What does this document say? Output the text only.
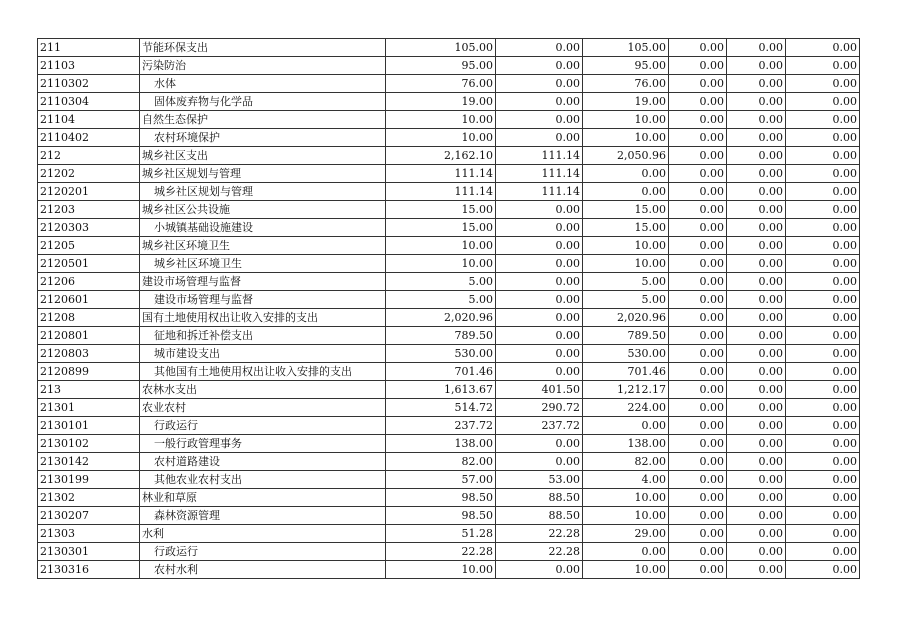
211	节能环保支出	105.00	0.00	105.00	0.00	0.00	0.00
21103	污染防治	95.00	0.00	95.00	0.00	0.00	0.00
2110302	水体	76.00	0.00	76.00	0.00	0.00	0.00
2110304	固体废弃物与化学品	19.00	0.00	19.00	0.00	0.00	0.00
21104	自然生态保护	10.00	0.00	10.00	0.00	0.00	0.00
2110402	农村环境保护	10.00	0.00	10.00	0.00	0.00	0.00
212	城乡社区支出	2,162.10	111.14	2,050.96	0.00	0.00	0.00
21202	城乡社区规划与管理	111.14	111.14	0.00	0.00	0.00	0.00
2120201	城乡社区规划与管理	111.14	111.14	0.00	0.00	0.00	0.00
21203	城乡社区公共设施	15.00	0.00	15.00	0.00	0.00	0.00
2120303	小城镇基础设施建设	15.00	0.00	15.00	0.00	0.00	0.00
21205	城乡社区环境卫生	10.00	0.00	10.00	0.00	0.00	0.00
2120501	城乡社区环境卫生	10.00	0.00	10.00	0.00	0.00	0.00
21206	建设市场管理与监督	5.00	0.00	5.00	0.00	0.00	0.00
2120601	建设市场管理与监督	5.00	0.00	5.00	0.00	0.00	0.00
21208	国有土地使用权出让收入安排的支出	2,020.96	0.00	2,020.96	0.00	0.00	0.00
2120801	征地和拆迁补偿支出	789.50	0.00	789.50	0.00	0.00	0.00
2120803	城市建设支出	530.00	0.00	530.00	0.00	0.00	0.00
2120899	其他国有土地使用权出让收入安排的支出	701.46	0.00	701.46	0.00	0.00	0.00
213	农林水支出	1,613.67	401.50	1,212.17	0.00	0.00	0.00
21301	农业农村	514.72	290.72	224.00	0.00	0.00	0.00
2130101	行政运行	237.72	237.72	0.00	0.00	0.00	0.00
2130102	一般行政管理事务	138.00	0.00	138.00	0.00	0.00	0.00
2130142	农村道路建设	82.00	0.00	82.00	0.00	0.00	0.00
2130199	其他农业农村支出	57.00	53.00	4.00	0.00	0.00	0.00
21302	林业和草原	98.50	88.50	10.00	0.00	0.00	0.00
2130207	森林资源管理	98.50	88.50	10.00	0.00	0.00	0.00
21303	水利	51.28	22.28	29.00	0.00	0.00	0.00
2130301	行政运行	22.28	22.28	0.00	0.00	0.00	0.00
2130316	农村水利	10.00	0.00	10.00	0.00	0.00	0.00
